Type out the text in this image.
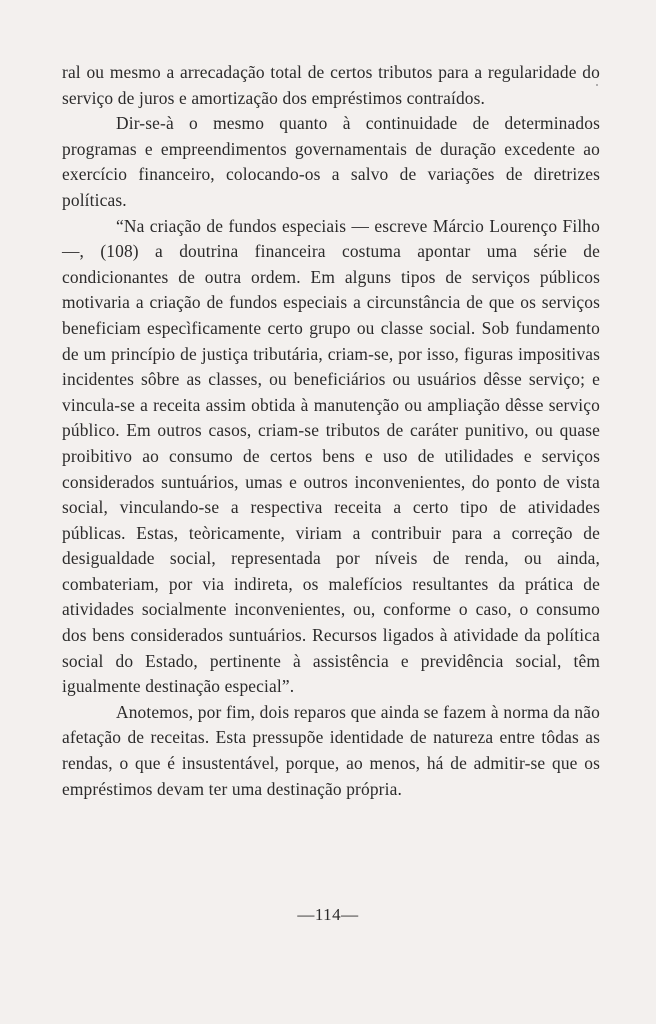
ral ou mesmo a arrecadação total de certos tributos para a regularidade do serviço de juros e amortização dos empréstimos contraídos.

Dir-se-à o mesmo quanto à continuidade de determinados programas e empreendimentos governamentais de duração excedente ao exercício financeiro, colocando-os a salvo de variações de diretrizes políticas.

“Na criação de fundos especiais — escreve Márcio Lourenço Filho —, (108) a doutrina financeira costuma apontar uma série de condicionantes de outra ordem. Em alguns tipos de serviços públicos motivaria a criação de fundos especiais a circunstância de que os serviços beneficiam especìficamente certo grupo ou classe social. Sob fundamento de um princípio de justiça tributária, criam-se, por isso, figuras impositivas incidentes sôbre as classes, ou beneficiários ou usuários dêsse serviço; e vincula-se a receita assim obtida à manutenção ou ampliação dêsse serviço público. Em outros casos, criam-se tributos de caráter punitivo, ou quase proibitivo ao consumo de certos bens e uso de utilidades e serviços considerados suntuários, umas e outros inconvenientes, do ponto de vista social, vinculando-se a respectiva receita a certo tipo de atividades públicas. Estas, teòricamente, viriam a contribuir para a correção de desigualdade social, representada por níveis de renda, ou ainda, combateriam, por via indireta, os malefícios resultantes da prática de atividades socialmente inconvenientes, ou, conforme o caso, o consumo dos bens considerados suntuários. Recursos ligados à atividade da política social do Estado, pertinente à assistência e previdência social, têm igualmente destinação especial”.

Anotemos, por fim, dois reparos que ainda se fazem à norma da não afetação de receitas. Esta pressupõe identidade de natureza entre tôdas as rendas, o que é insustentável, porque, ao menos, há de admitir-se que os empréstimos devam ter uma destinação própria.

—114—
